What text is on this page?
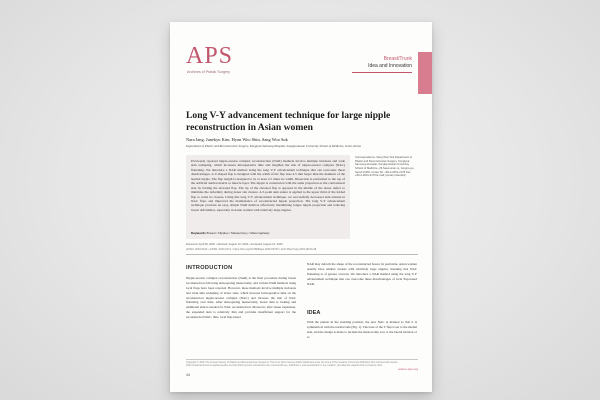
APS
Archives of Plastic Surgery
Breast/Trunk
Idea and Innovation
Long V-Y advancement technique for large nipple reconstruction in Asian women
Nara Jang, Junekyu Kim, Hyun Woo Shin, Sang Woo Suk
Department of Plastic and Reconstructive Surgery, Konglyuk Samsung Hospital, Sungkyunkwan University School of Medicine, Seoul, Korea

Previously reported nipple-areolar complex reconstruction (NAR) methods involve multiple incisions and wide skin reshaping, which increases intraoperative time and lengthen the risk of nipple-areolar complex (NAC) flattening. We introduce a NAR method using the long V-Y advancement technique that can overcome those disadvantages. A V-shaped flap is designed with the width of the flap base 4.5 mm larger than the diameter of the normal nipple. The flap length is designed to be at least 2.5 times its width. Dissection is performed to the top of the artificial dermal matrix or muscle layer. The nipple is constructed with the same projection as the contralateral side by folding the elevated flap. The tip of the elevated flap is apposed in the middle of the donor defect to minimize the deformity during donor site closure. A 5-point skin suture is applied to the upper third of the folded flap to resist its closure. Using this long V-Y advancement technique, we successfully decreased skin tension in NAC flaps and improved the maintenance of reconstructed nipple projection. The long V-Y advancement technique provides an easy, simple NAR method, effectively maximizing longer nipple projection and reducing breast deformities, especially in Asian women with relatively large nipples.

Keywords Breast / Nipples / Mastectomy / Mammaplasty
Correspondence: Sang Woo Suk Department of Plastic and Reconstructive Surgery, Konglyuk Samsung Hospital, Sungkyunkwan University School of Medicine, 29 Saemunan-ro, Jongno-gu, Seoul 03181, Korea Tel: +82-2-2001-2178 Fax: +82-2-2001-2176 E-mail: [email protected]
Received: April 28, 2020 • Revised: August 10, 2020 • Accepted: August 12, 2020
pISSN: 2234-6163 • eISSN: 2234-6171 • https://doi.org/10.5999/aps.2020.00733 • Arch Plast Surg 2021;48:44-48
INTRODUCTION

Nipple-areolar complex reconstruction (NAR) is the final procedure during breast reconstruction following skin-sparing mastectomy, and various NAR methods using local flaps have been reported. However, these methods involve multiple incisions and wide skin reshaping of donor sites, which increase intraoperative time on the reconstructed nipple-areolar complex (NAC) and increase the risk of NAC flattening over time. After skin-sparing mastectomy, breast skin is lacking and additional skin is needed for NAC reconstruction. Moreover, after tissue expansion, the expanded skin is relatively thin and provides insufficient support for the reconstructed NAC; thus, local flap-based

NAR may deform the shape of the reconstructed breast. In particular, Asian women usually have smaller breasts with relatively large nipples, meaning that NAC flattening is of greater concern. We introduce a NAR method using the long V-Y advancement technique that can overcome these disadvantages of local flap-based NAR.

IDEA

With the patient in the standing position, the new NAC is marked so that it is symmetrical with the normal side (Fig. 1). The base of the V flap is set to the medial side, and the design is made to include the mastectomy scar or the lateral incision or to

Copyright © 2021 The Korean Society of Plastic and Reconstructive Surgeons. This is an Open Access article distributed under the terms of the Creative Commons Attribution Non-Commercial License (http://creativecommons.org/licenses/by-nc/4.0/) which permits unrestricted non-commercial use, distribution, and reproduction in any medium, provided the original work is properly cited.
www.e-aps.org
44
